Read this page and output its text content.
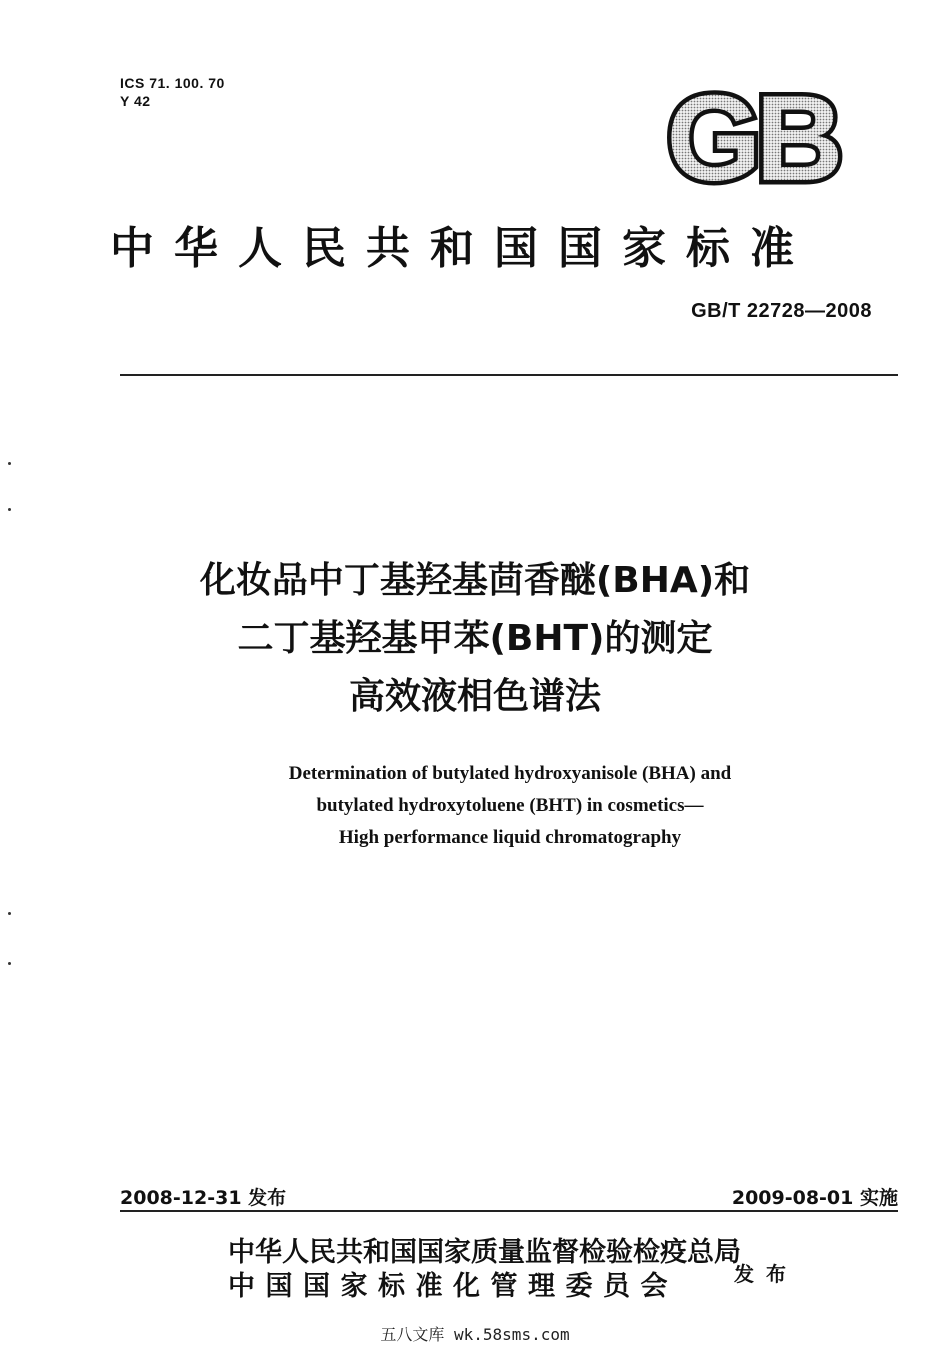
ICS 71. 100. 70
Y 42	GB
中华人民共和国国家标准
GB/T 22728—2008
化妆品中丁基羟基茴香醚(BHA)和
二丁基羟基甲苯(BHT)的测定
高效液相色谱法
Determination of butylated hydroxyanisole (BHA) and
butylated hydroxytoluene (BHT) in cosmetics—
High performance liquid chromatography
2008-12-31 发布	2009-08-01 实施
中华人民共和国国家质量监督检验检疫总局
中国国家标准化管理委员会	发布
五八文库 wk.58sms.com
